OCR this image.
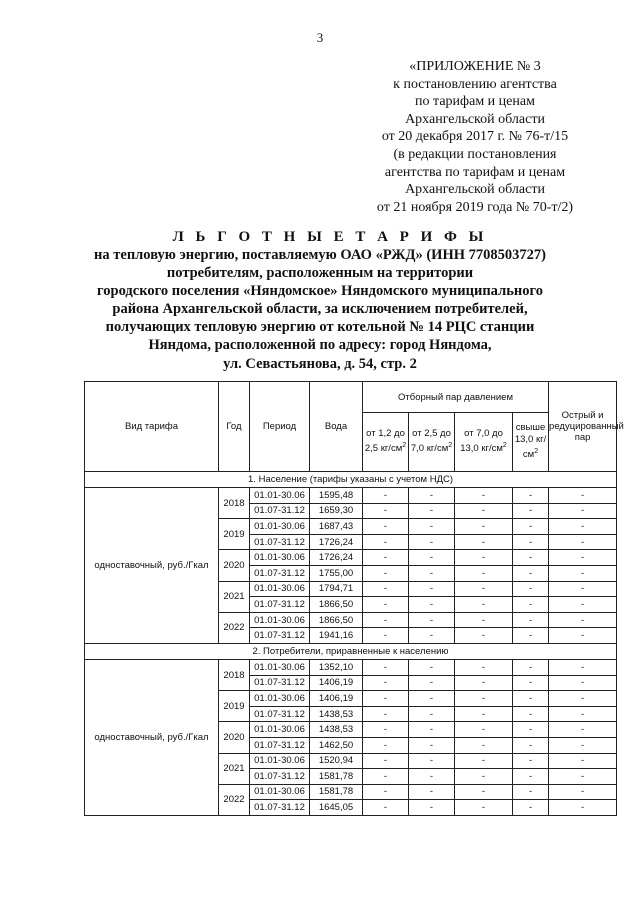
3
«ПРИЛОЖЕНИЕ № 3
к постановлению агентства
по тарифам и ценам
Архангельской области
от 20 декабря 2017 г. № 76-т/15
(в редакции постановления
агентства по тарифам и ценам
Архангельской области
от 21 ноября 2019 года № 70-т/2)
Л Ь Г О Т Н Ы Е Т А Р И Ф Ы
на тепловую энергию, поставляемую ОАО «РЖД» (ИНН 7708503727)
потребителям, расположенным на территории
городского поселения «Няндомское» Няндомского муниципального
района Архангельской области, за исключением потребителей,
получающих тепловую энергию от котельной № 14 РЦС станции
Няндома, расположенной по адресу: город Няндома,
ул. Севастьянова, д. 54, стр. 2
Вид тарифа	Год	Период	Вода	Отборный пар давлением				Острый и редуцированный пар
				от 1,2 до 2,5 $кг/см^2$	от 2,5 до 7,0 $кг/см^2$	от 7,0 до 13,0 $кг/см^2$	свыше 13,0 $кг/см^2$
1. Население (тарифы указаны с учетом НДС)								
одноставочный, руб./Гкал	2018	01.01-30.06	1595,48	-	-	-	-	-
		01.07-31.12	1659,30	-	-	-	-	-
	2019	01.01-30.06	1687,43	-	-	-	-	-
		01.07-31.12	1726,24	-	-	-	-	-
	2020	01.01-30.06	1726,24	-	-	-	-	-
		01.07-31.12	1755,00	-	-	-	-	-
	2021	01.01-30.06	1794,71	-	-	-	-	-
		01.07-31.12	1866,50	-	-	-	-	-
	2022	01.01-30.06	1866,50	-	-	-	-	-
		01.07-31.12	1941,16	-	-	-	-	-
2. Потребители, приравненные к населению								
одноставочный, руб./Гкал	2018	01.01-30.06	1352,10	-	-	-	-	-
		01.07-31.12	1406,19	-	-	-	-	-
	2019	01.01-30.06	1406,19	-	-	-	-	-
		01.07-31.12	1438,53	-	-	-	-	-
	2020	01.01-30.06	1438,53	-	-	-	-	-
		01.07-31.12	1462,50	-	-	-	-	-
	2021	01.01-30.06	1520,94	-	-	-	-	-
		01.07-31.12	1581,78	-	-	-	-	-
	2022	01.01-30.06	1581,78	-	-	-	-	-
		01.07-31.12	1645,05	-	-	-	-	-
